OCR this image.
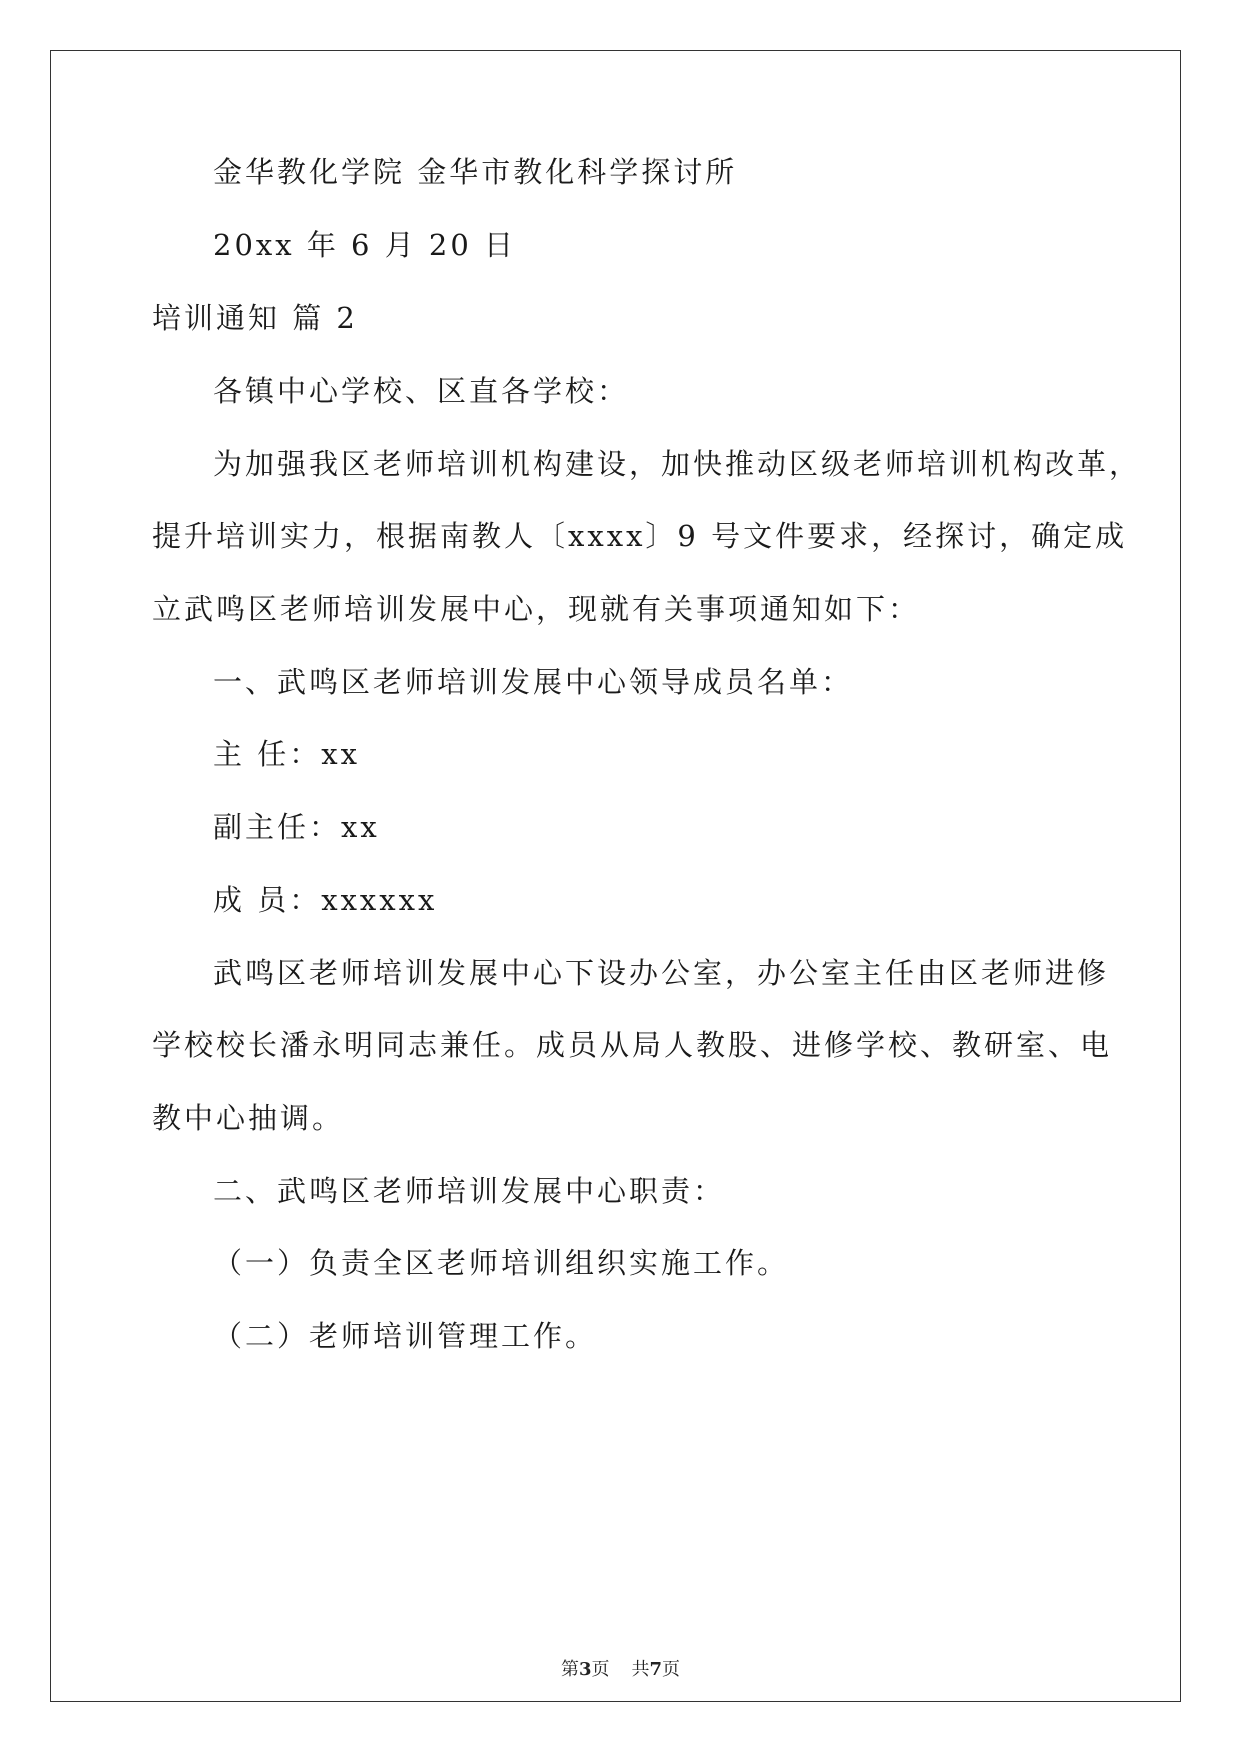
金华教化学院 金华市教化科学探讨所
20xx 年 6 月 20 日
培训通知 篇 2
各镇中心学校、区直各学校：
为加强我区老师培训机构建设，加快推动区级老师培训机构改革，
提升培训实力，根据南教人〔xxxx〕9 号文件要求，经探讨，确定成
立武鸣区老师培训发展中心，现就有关事项通知如下：
一、武鸣区老师培训发展中心领导成员名单：
主 任：xx
副主任：xx
成 员：xxxxxx
武鸣区老师培训发展中心下设办公室，办公室主任由区老师进修
学校校长潘永明同志兼任。成员从局人教股、进修学校、教研室、电
教中心抽调。
二、武鸣区老师培训发展中心职责：
（一）负责全区老师培训组织实施工作。
（二）老师培训管理工作。
第3页 共7页
